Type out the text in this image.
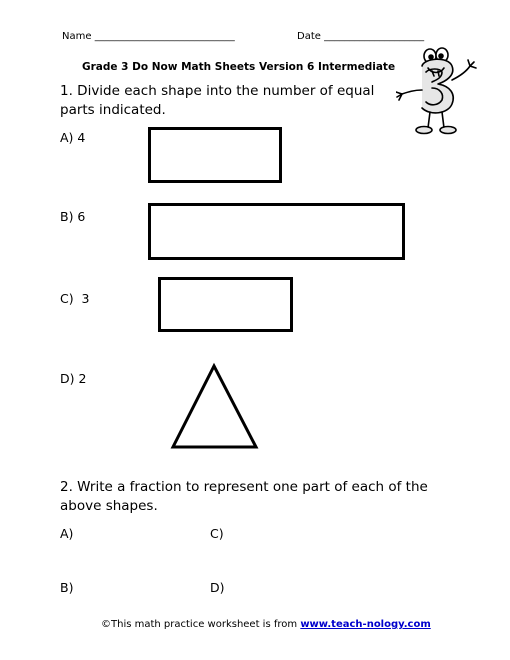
Name ____________________________	Date ____________________
Grade 3 Do Now Math Sheets Version 6 Intermediate
1. Divide each shape into the number of equal parts indicated.
A) 4
B) 6
C)  3
D) 2
2. Write a fraction to represent one part of each of the above shapes.
A)	C)
B)	D)
©This math practice worksheet is from www.teach-nology.com
